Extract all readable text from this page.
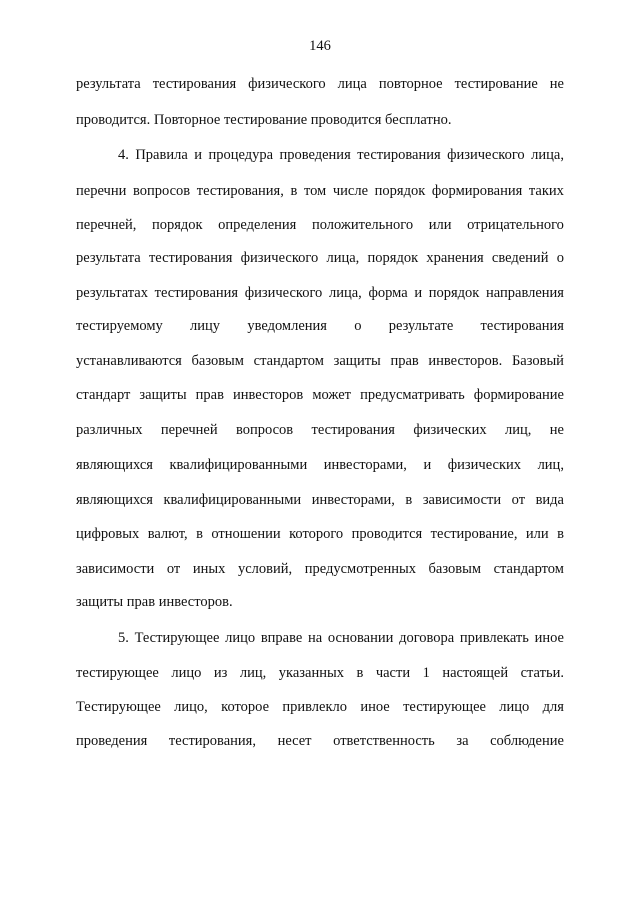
146
результата тестирования физического лица повторное тестирование не
проводится. Повторное тестирование проводится бесплатно.
4. Правила и процедура проведения тестирования физического лица,
перечни вопросов тестирования, в том числе порядок формирования таких
перечней, порядок определения положительного или отрицательного
результата тестирования физического лица, порядок хранения сведений о
результатах тестирования физического лица, форма и порядок направления
тестируемому лицу уведомления о результате тестирования
устанавливаются базовым стандартом защиты прав инвесторов. Базовый
стандарт защиты прав инвесторов может предусматривать формирование
различных перечней вопросов тестирования физических лиц, не
являющихся квалифицированными инвесторами, и физических лиц,
являющихся квалифицированными инвесторами, в зависимости от вида
цифровых валют, в отношении которого проводится тестирование, или в
зависимости от иных условий, предусмотренных базовым стандартом
защиты прав инвесторов.
5. Тестирующее лицо вправе на основании договора привлекать иное
тестирующее лицо из лиц, указанных в части 1 настоящей статьи.
Тестирующее лицо, которое привлекло иное тестирующее лицо для
проведения тестирования, несет ответственность за соблюдение
